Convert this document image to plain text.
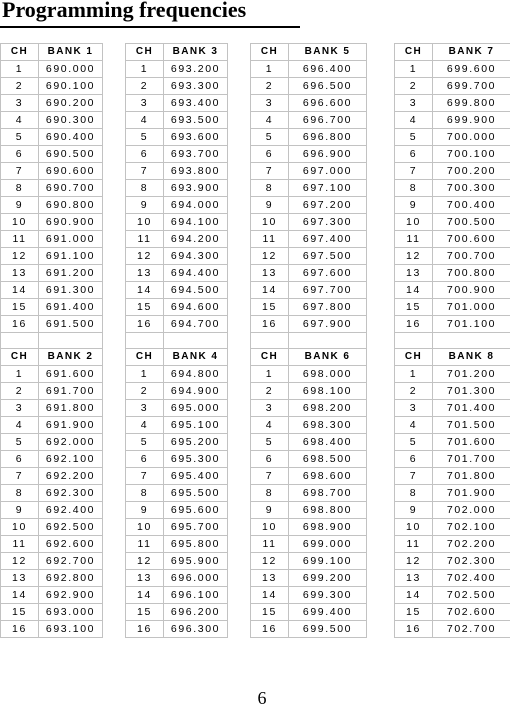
Programming frequencies
CH	BANK 1		CH	BANK 3		CH	BANK 5		CH	BANK 7
1	690.000		1	693.200		1	696.400		1	699.600
2	690.100		2	693.300		2	696.500		2	699.700
3	690.200		3	693.400		3	696.600		3	699.800
4	690.300		4	693.500		4	696.700		4	699.900
5	690.400		5	693.600		5	696.800		5	700.000
6	690.500		6	693.700		6	696.900		6	700.100
7	690.600		7	693.800		7	697.000		7	700.200
8	690.700		8	693.900		8	697.100		8	700.300
9	690.800		9	694.000		9	697.200		9	700.400
10	690.900		10	694.100		10	697.300		10	700.500
11	691.000		11	694.200		11	697.400		11	700.600
12	691.100		12	694.300		12	697.500		12	700.700
13	691.200		13	694.400		13	697.600		13	700.800
14	691.300		14	694.500		14	697.700		14	700.900
15	691.400		15	694.600		15	697.800		15	701.000
16	691.500		16	694.700		16	697.900		16	701.100

CH	BANK 2		CH	BANK 4		CH	BANK 6		CH	BANK 8
1	691.600		1	694.800		1	698.000		1	701.200
2	691.700		2	694.900		2	698.100		2	701.300
3	691.800		3	695.000		3	698.200		3	701.400
4	691.900		4	695.100		4	698.300		4	701.500
5	692.000		5	695.200		5	698.400		5	701.600
6	692.100		6	695.300		6	698.500		6	701.700
7	692.200		7	695.400		7	698.600		7	701.800
8	692.300		8	695.500		8	698.700		8	701.900
9	692.400		9	695.600		9	698.800		9	702.000
10	692.500		10	695.700		10	698.900		10	702.100
11	692.600		11	695.800		11	699.000		11	702.200
12	692.700		12	695.900		12	699.100		12	702.300
13	692.800		13	696.000		13	699.200		13	702.400
14	692.900		14	696.100		14	699.300		14	702.500
15	693.000		15	696.200		15	699.400		15	702.600
16	693.100		16	696.300		16	699.500		16	702.700
6
